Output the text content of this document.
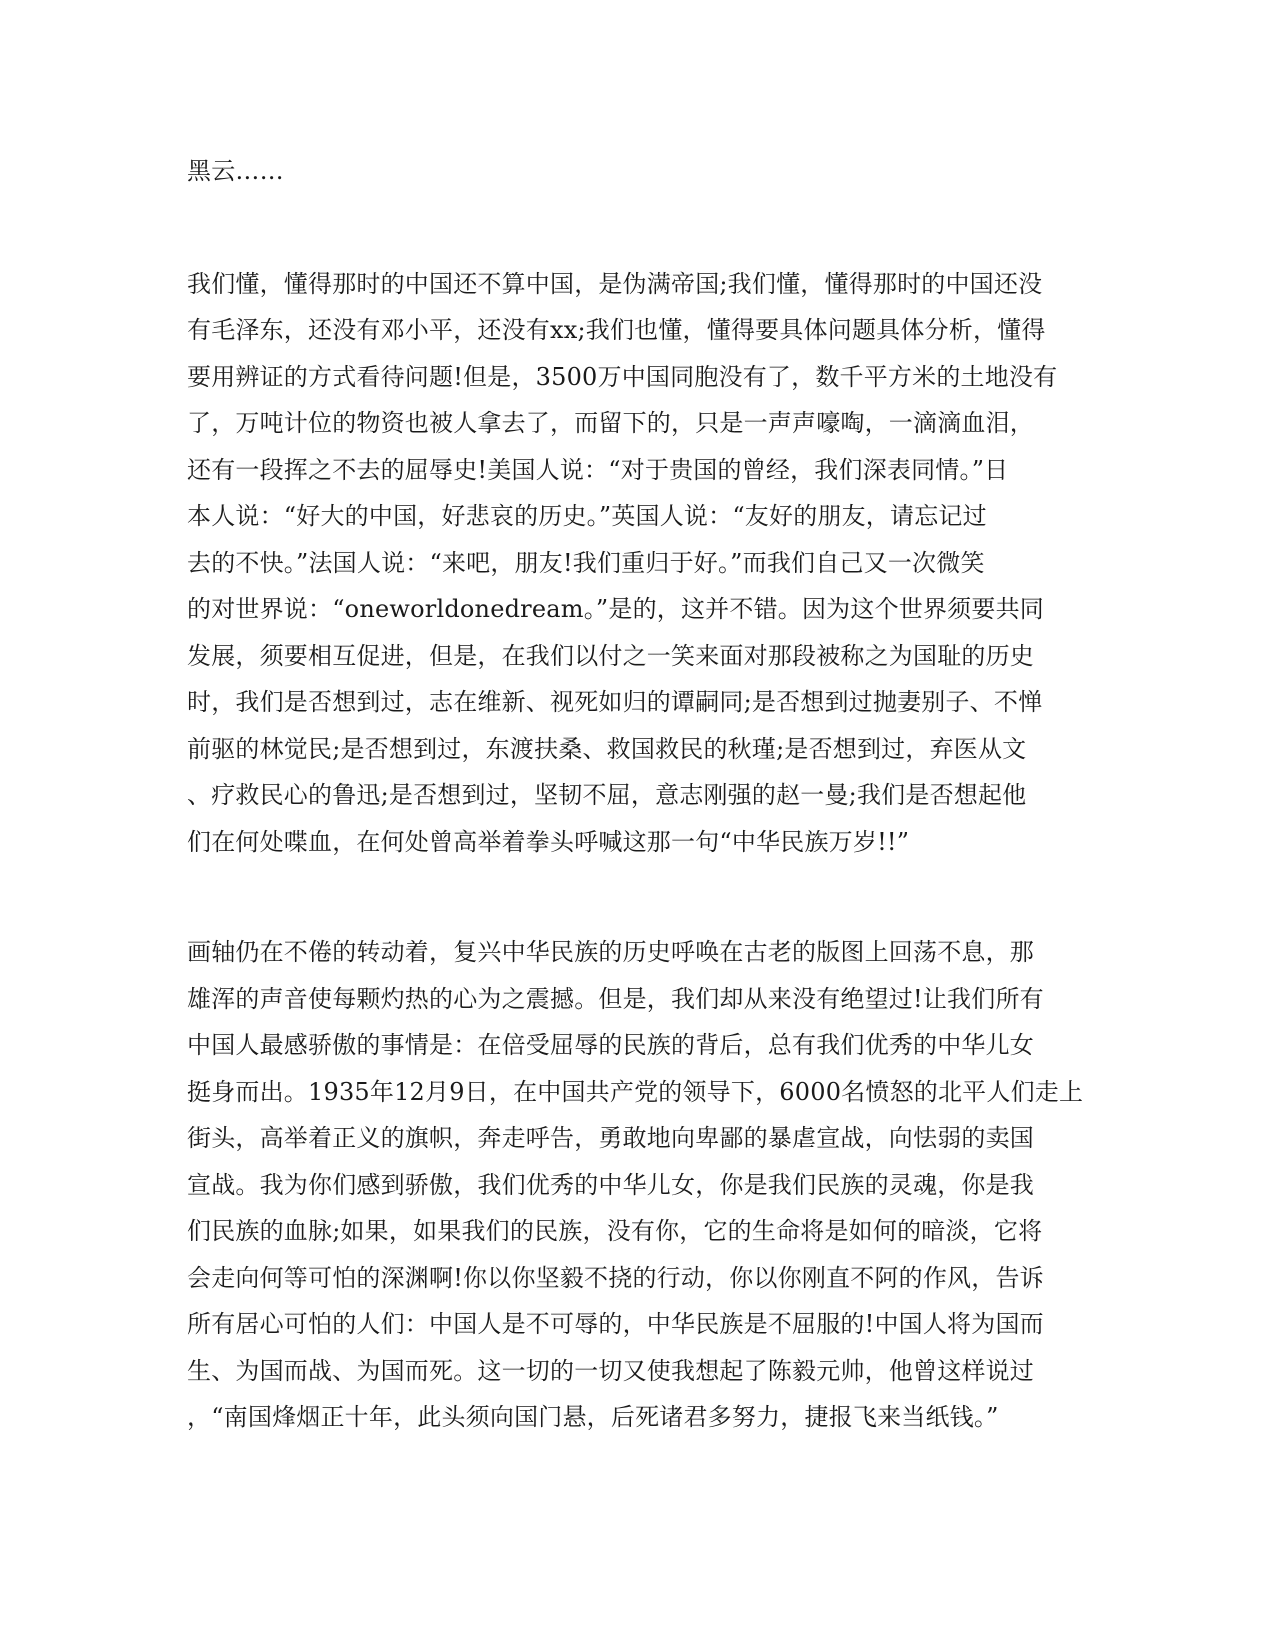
黑云……
我们懂，懂得那时的中国还不算中国，是伪满帝国;我们懂，懂得那时的中国还没
有毛泽东，还没有邓小平，还没有xx;我们也懂，懂得要具体问题具体分析，懂得
要用辨证的方式看待问题!但是，3500万中国同胞没有了，数千平方米的土地没有
了，万吨计位的物资也被人拿去了，而留下的，只是一声声嚎啕，一滴滴血泪，
还有一段挥之不去的屈辱史!美国人说：“对于贵国的曾经，我们深表同情。”日
本人说：“好大的中国，好悲哀的历史。”英国人说：“友好的朋友，请忘记过
去的不快。”法国人说：“来吧，朋友!我们重归于好。”而我们自己又一次微笑
的对世界说：“oneworldonedream。”是的，这并不错。因为这个世界须要共同
发展，须要相互促进，但是，在我们以付之一笑来面对那段被称之为国耻的历史
时，我们是否想到过，志在维新、视死如归的谭嗣同;是否想到过抛妻别子、不惮
前驱的林觉民;是否想到过，东渡扶桑、救国救民的秋瑾;是否想到过，弃医从文
、疗救民心的鲁迅;是否想到过，坚韧不屈，意志刚强的赵一曼;我们是否想起他
们在何处喋血，在何处曾高举着拳头呼喊这那一句“中华民族万岁!!”
画轴仍在不倦的转动着，复兴中华民族的历史呼唤在古老的版图上回荡不息，那
雄浑的声音使每颗灼热的心为之震撼。但是，我们却从来没有绝望过!让我们所有
中国人最感骄傲的事情是：在倍受屈辱的民族的背后，总有我们优秀的中华儿女
挺身而出。1935年12月9日，在中国共产党的领导下，6000名愤怒的北平人们走上
街头，高举着正义的旗帜，奔走呼告，勇敢地向卑鄙的暴虐宣战，向怯弱的卖国
宣战。我为你们感到骄傲，我们优秀的中华儿女，你是我们民族的灵魂，你是我
们民族的血脉;如果，如果我们的民族，没有你，它的生命将是如何的暗淡，它将
会走向何等可怕的深渊啊!你以你坚毅不挠的行动，你以你刚直不阿的作风，告诉
所有居心可怕的人们：中国人是不可辱的，中华民族是不屈服的!中国人将为国而
生、为国而战、为国而死。这一切的一切又使我想起了陈毅元帅，他曾这样说过
，“南国烽烟正十年，此头须向国门悬，后死诸君多努力，捷报飞来当纸钱。”
